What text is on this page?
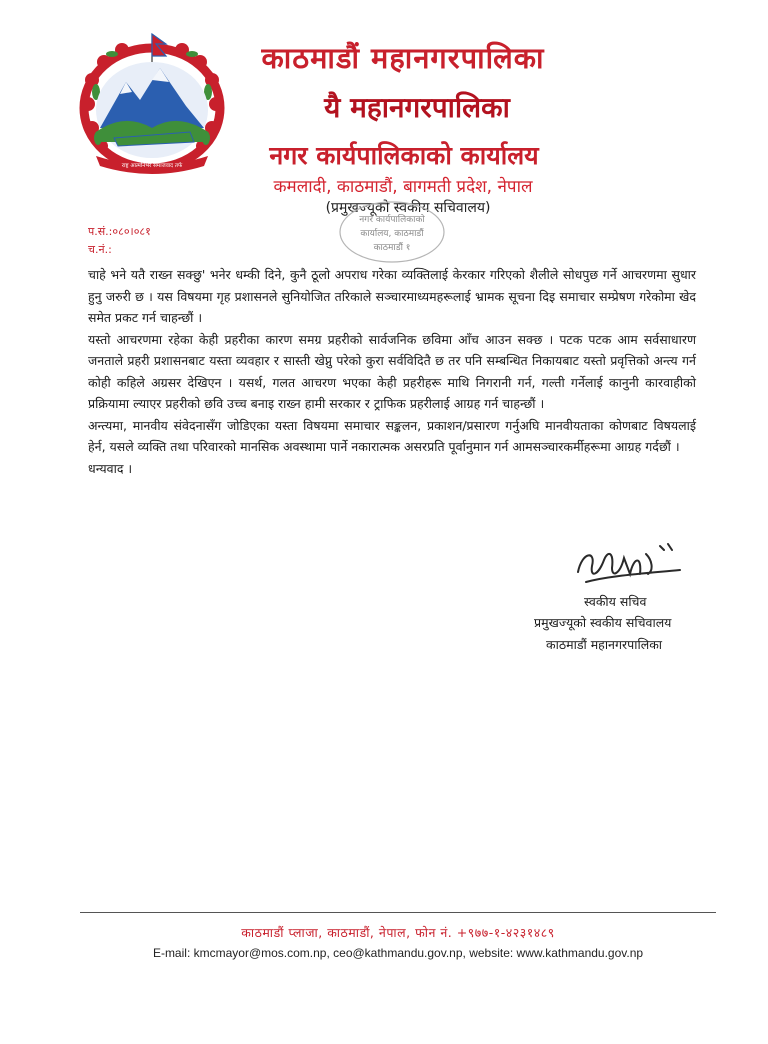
राष्ट्र आत्मनिर्भर समाजवाद तर्फ
काठमाडौं महानगरपालिका
यै महानगरपालिका
नगर कार्यपालिकाको कार्यालय
कमलादी, काठमाडौं, बागमती प्रदेश, नेपाल
(प्रमुखज्यूको स्वकीय सचिवालय)
नगर कार्यपालिकाको
कार्यालय, काठमाडौं
काठमाडौं १
प.सं.:०८०।०८१
च.नं.:

चाहे भने यतै राख्न सक्छु' भनेर धम्की दिने, कुनै ठूलो अपराध गरेका व्यक्तिलाई केरकार गरिएको शैलीले सोधपुछ गर्ने आचरणमा सुधार हुनु जरुरी छ । यस विषयमा गृह प्रशासनले सुनियोजित तरिकाले सञ्चारमाध्यमहरूलाई भ्रामक सूचना दिइ समाचार सम्प्रेषण गरेकोमा खेद समेत प्रकट गर्न चाहन्छौं ।

यस्तो आचरणमा रहेका केही प्रहरीका कारण समग्र प्रहरीको सार्वजनिक छविमा आँच आउन सक्छ । पटक पटक आम सर्वसाधारण जनताले प्रहरी प्रशासनबाट यस्ता व्यवहार र सास्ती खेप्नु परेको कुरा सर्वविदितै छ तर पनि सम्बन्धित निकायबाट यस्तो प्रवृत्तिको अन्त्य गर्न कोही कहिले अग्रसर देखिएन । यसर्थ, गलत आचरण भएका केही प्रहरीहरू माथि निगरानी गर्न, गल्ती गर्नेलाई कानुनी कारवाहीको प्रक्रियामा ल्याएर प्रहरीको छवि उच्च बनाइ राख्न हामी सरकार र ट्राफिक प्रहरीलाई आग्रह गर्न चाहन्छौं ।

अन्त्यमा, मानवीय संवेदनासँग जोडिएका यस्ता विषयमा समाचार सङ्कलन, प्रकाशन/प्रसारण गर्नुअघि मानवीयताका कोणबाट विषयलाई हेर्न, यसले व्यक्ति तथा परिवारको मानसिक अवस्थामा पार्ने नकारात्मक असरप्रति पूर्वानुमान गर्न आमसञ्चारकर्मीहरूमा आग्रह गर्दछौं ।

धन्यवाद ।

स्वकीय सचिव
प्रमुखज्यूको स्वकीय सचिवालय
काठमाडौं महानगरपालिका
काठमाडौं प्लाजा, काठमाडौं, नेपाल, फोन नं. +९७७-१-४२३१४८९
E-mail: kmcmayor@mos.com.np, ceo@kathmandu.gov.np, website: www.kathmandu.gov.np
